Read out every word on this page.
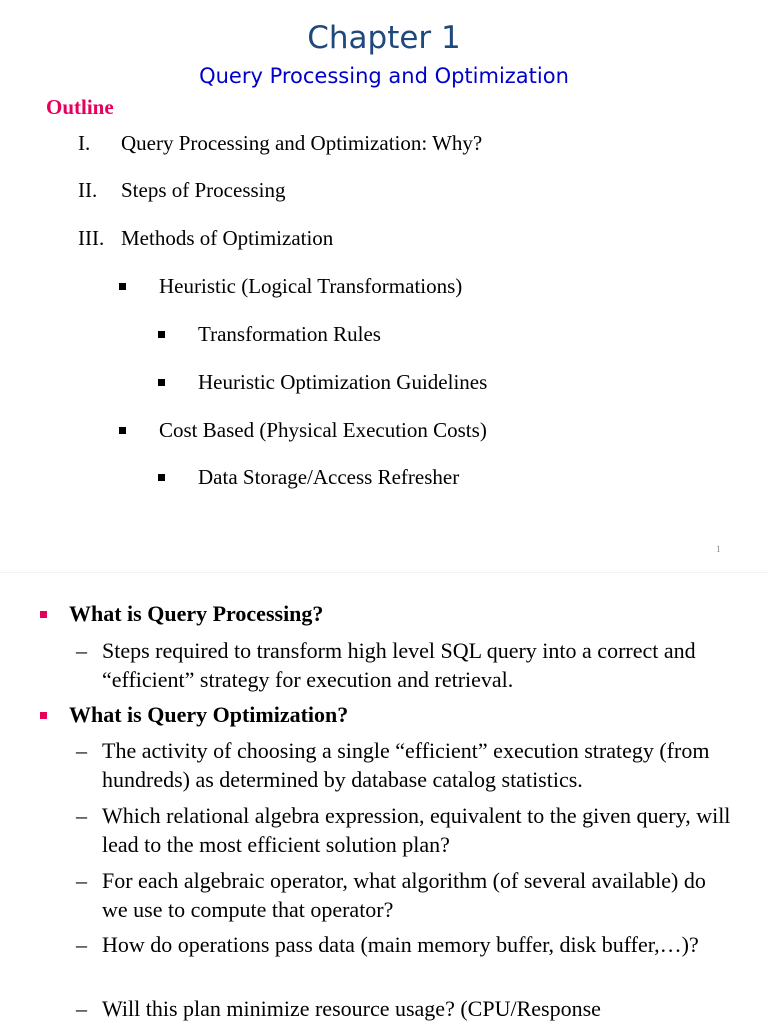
Chapter 1
Query Processing and Optimization
Outline
I. Query Processing and Optimization: Why?
II. Steps of Processing
III. Methods of Optimization
Heuristic (Logical Transformations)
Transformation Rules
Heuristic Optimization Guidelines
Cost Based (Physical Execution Costs)
Data Storage/Access Refresher
1
What is Query Processing?
– Steps required to transform high level SQL query into a correct and “efficient” strategy for execution and retrieval.
What is Query Optimization?
– The activity of choosing a single “efficient” execution strategy (from hundreds) as determined by database catalog statistics.
– Which relational algebra expression, equivalent to the given query, will lead to the most efficient solution plan?
– For each algebraic operator, what algorithm (of several available) do we use to compute that operator?
– How do operations pass data (main memory buffer, disk buffer,…)?
– Will this plan minimize resource usage? (CPU/Response
